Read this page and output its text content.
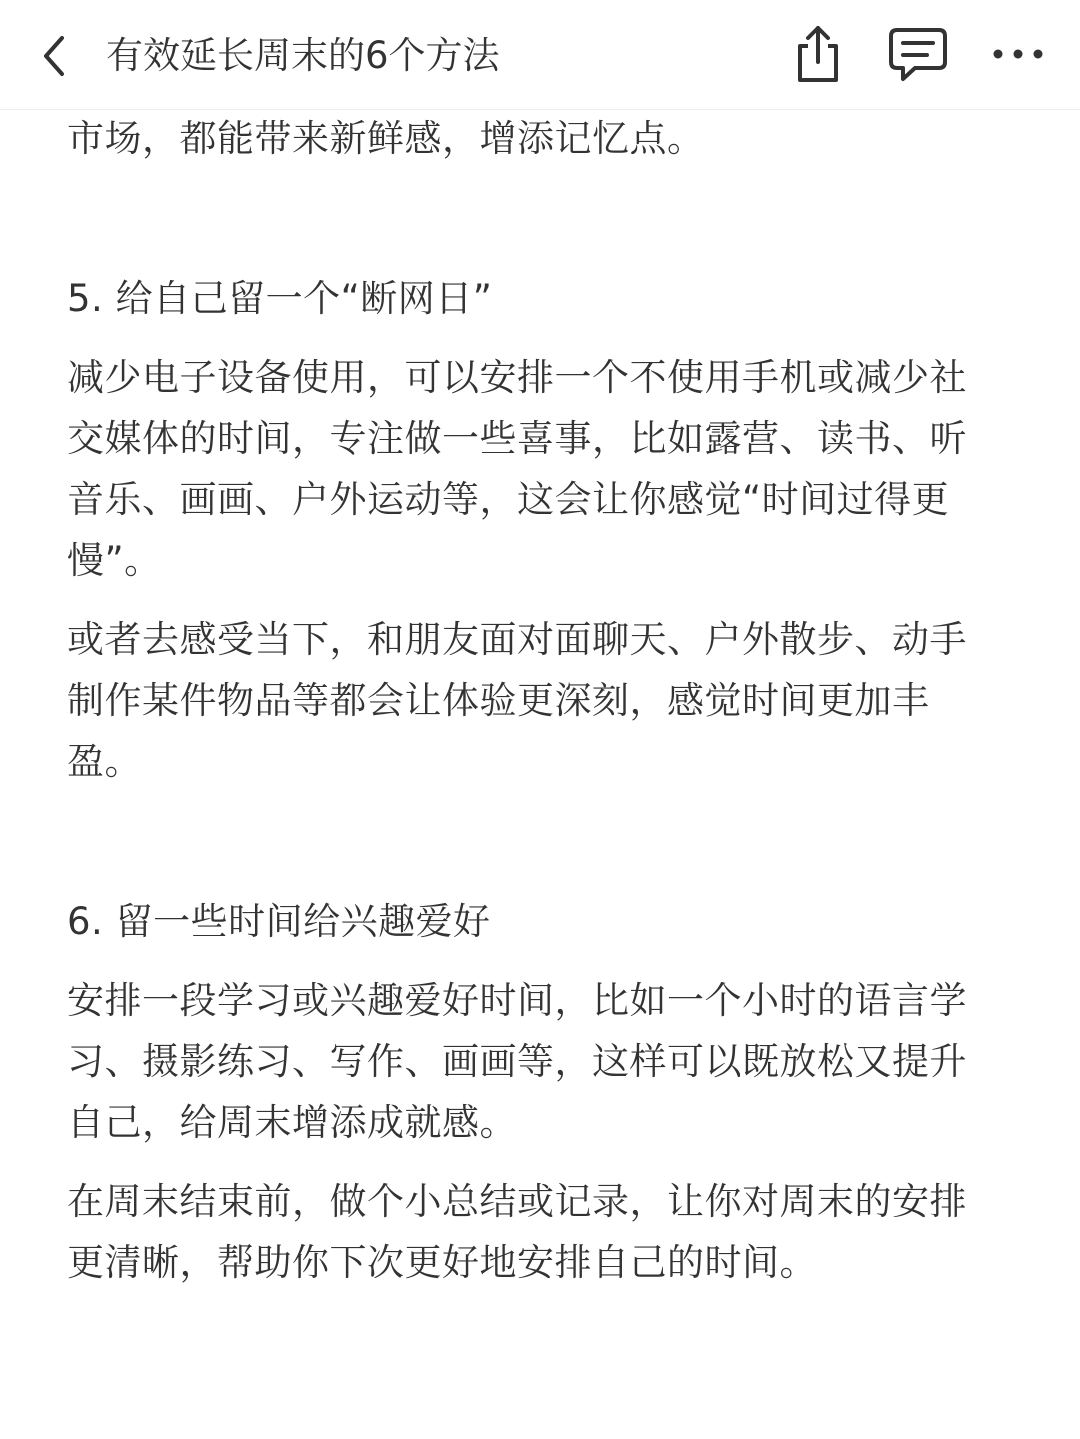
有效延长周末的6个方法

市场，都能带来新鲜感，增添记忆点。

5. 给自己留一个“断网日”

减少电子设备使用，可以安排一个不使用手机或减少社
交媒体的时间，专注做一些喜事，比如露营、读书、听
音乐、画画、户外运动等，这会让你感觉“时间过得更
慢”。

或者去感受当下，和朋友面对面聊天、户外散步、动手
制作某件物品等都会让体验更深刻，感觉时间更加丰
盈。

6. 留一些时间给兴趣爱好

安排一段学习或兴趣爱好时间，比如一个小时的语言学
习、摄影练习、写作、画画等，这样可以既放松又提升
自己，给周末增添成就感。

在周末结束前，做个小总结或记录，让你对周末的安排
更清晰，帮助你下次更好地安排自己的时间。
